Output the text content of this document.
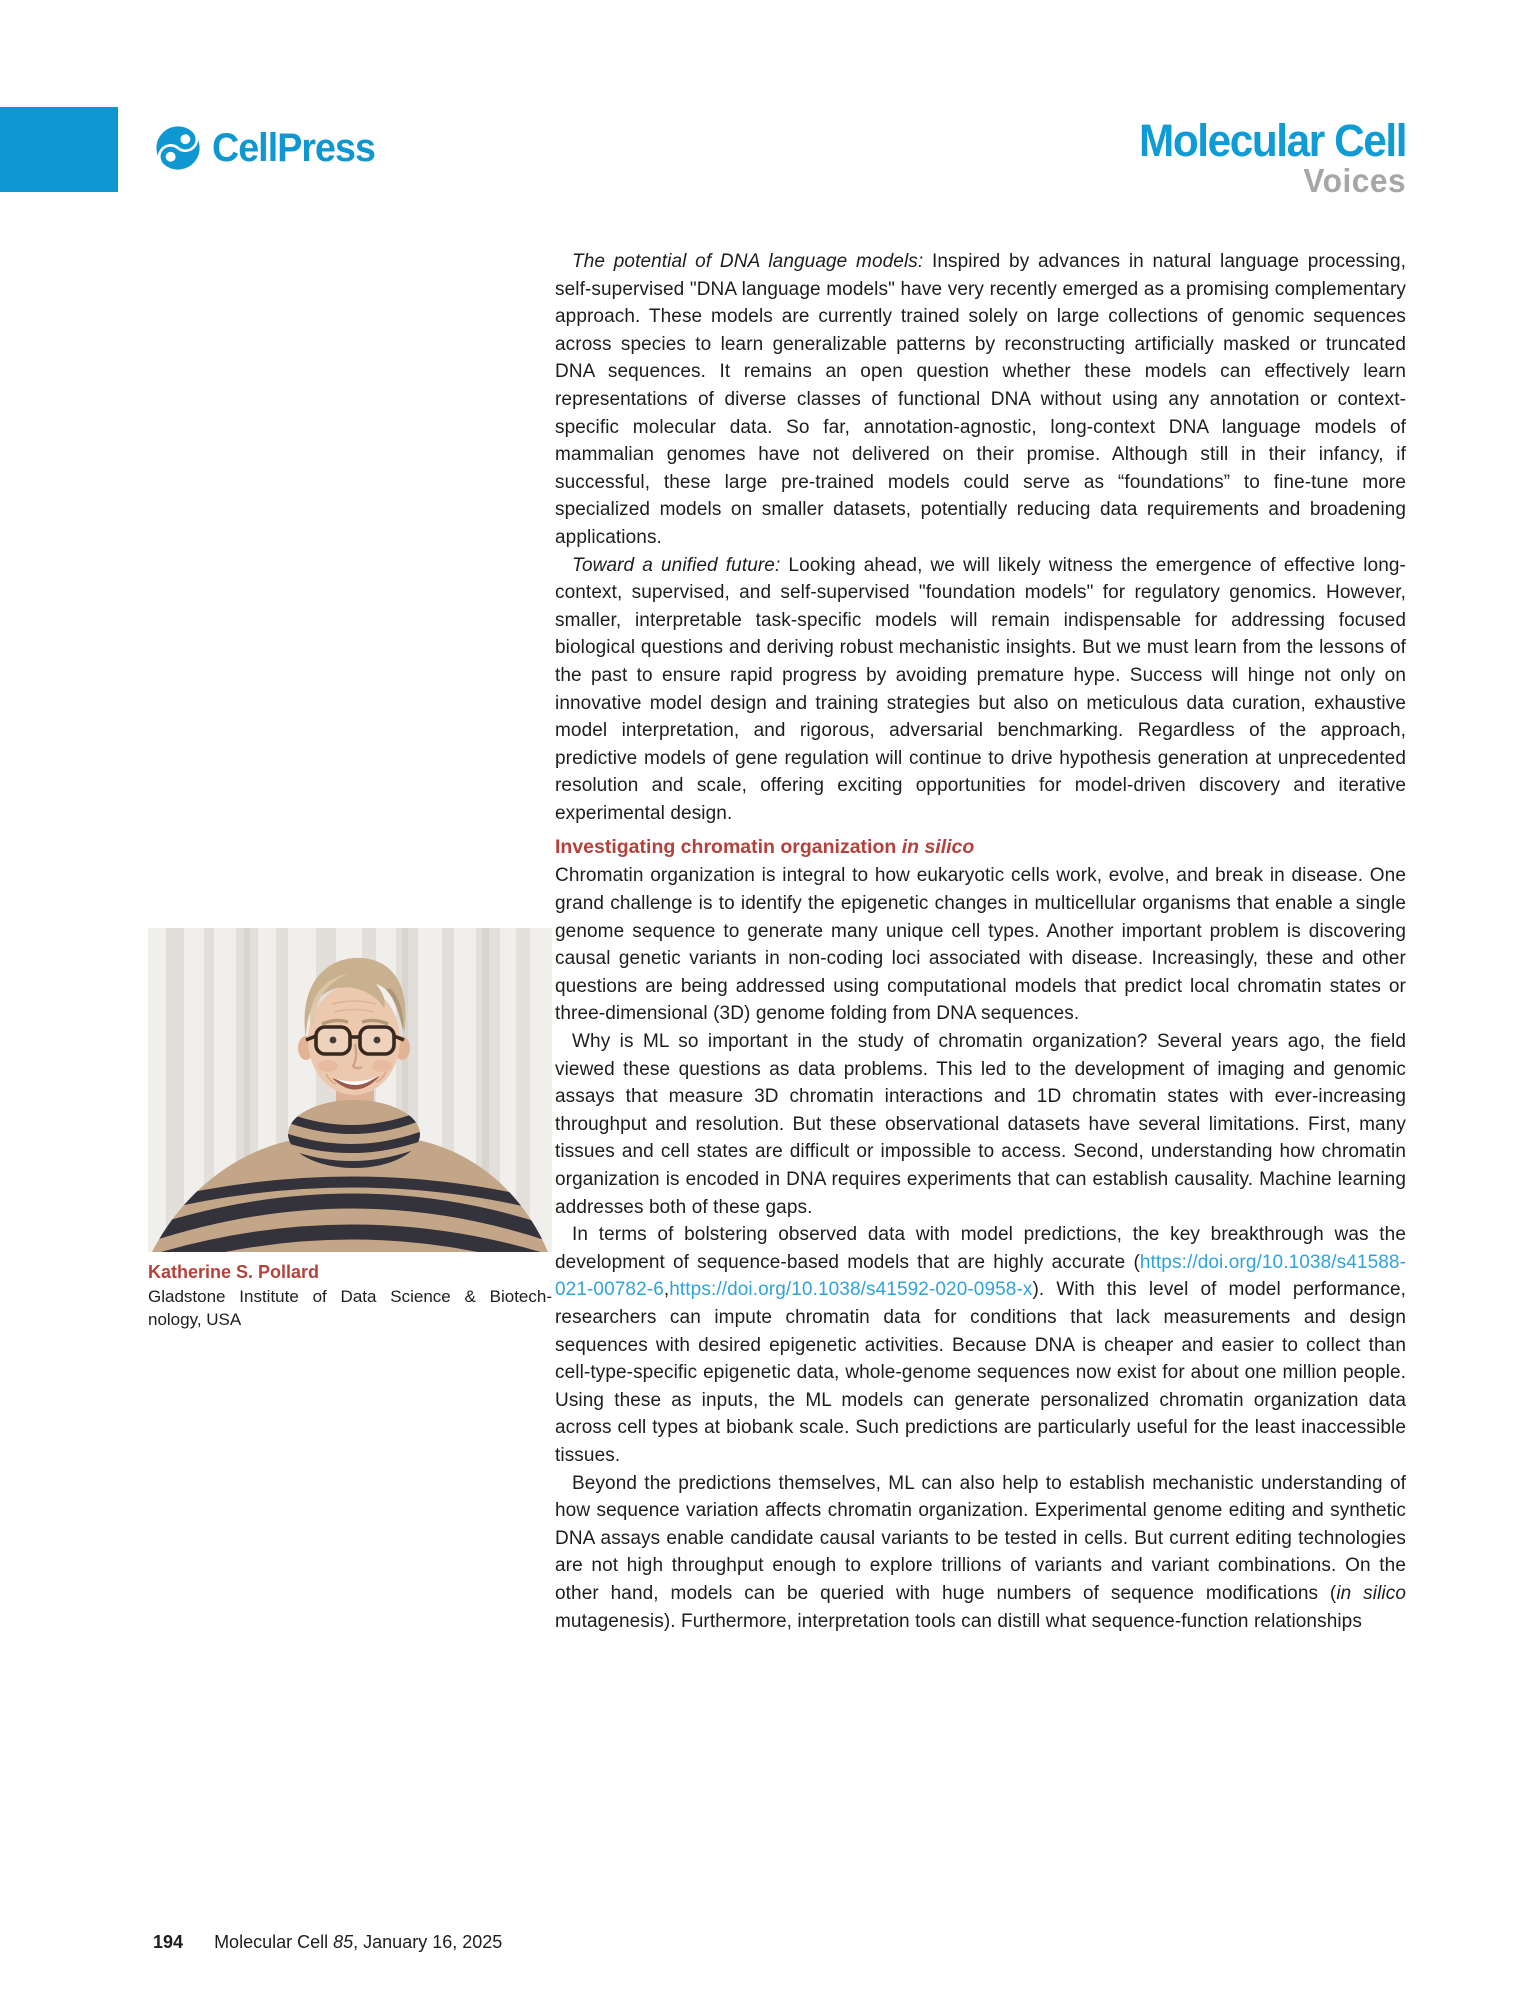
CellPress	Molecular Cell
Voices
Katherine S. Pollard
Gladstone Institute of Data Science & Biotech-
nology, USA

The potential of DNA language models: Inspired by advances in natural language processing, self-supervised "DNA language models" have very recently emerged as a promising complementary approach. These models are currently trained solely on large collections of genomic sequences across species to learn generalizable patterns by reconstructing artificially masked or truncated DNA sequences. It remains an open question whether these models can effectively learn representations of diverse classes of functional DNA without using any annotation or context-specific molecular data. So far, annotation-agnostic, long-context DNA language models of mammalian genomes have not delivered on their promise. Although still in their infancy, if successful, these large pre-trained models could serve as “foundations” to fine-tune more specialized models on smaller datasets, potentially reducing data requirements and broadening applications.

Toward a unified future: Looking ahead, we will likely witness the emergence of effective long-context, supervised, and self-supervised "foundation models" for regulatory genomics. However, smaller, interpretable task-specific models will remain indispensable for addressing focused biological questions and deriving robust mechanistic insights. But we must learn from the lessons of the past to ensure rapid progress by avoiding premature hype. Success will hinge not only on innovative model design and training strategies but also on meticulous data curation, exhaustive model interpretation, and rigorous, adversarial benchmarking. Regardless of the approach, predictive models of gene regulation will continue to drive hypothesis generation at unprecedented resolution and scale, offering exciting opportunities for model-driven discovery and iterative experimental design.

Investigating chromatin organization in silico

Chromatin organization is integral to how eukaryotic cells work, evolve, and break in disease. One grand challenge is to identify the epigenetic changes in multicellular organisms that enable a single genome sequence to generate many unique cell types. Another important problem is discovering causal genetic variants in non-coding loci associated with disease. Increasingly, these and other questions are being addressed using computational models that predict local chromatin states or three-dimensional (3D) genome folding from DNA sequences.

Why is ML so important in the study of chromatin organization? Several years ago, the field viewed these questions as data problems. This led to the development of imaging and genomic assays that measure 3D chromatin interactions and 1D chromatin states with ever-increasing throughput and resolution. But these observational datasets have several limitations. First, many tissues and cell states are difficult or impossible to access. Second, understanding how chromatin organization is encoded in DNA requires experiments that can establish causality. Machine learning addresses both of these gaps.

In terms of bolstering observed data with model predictions, the key breakthrough was the development of sequence-based models that are highly accurate (https://doi.org/10.1038/s41588-021-00782-6,https://doi.org/10.1038/s41592-020-0958-x). With this level of model performance, researchers can impute chromatin data for conditions that lack measurements and design sequences with desired epigenetic activities. Because DNA is cheaper and easier to collect than cell-type-specific epigenetic data, whole-genome sequences now exist for about one million people. Using these as inputs, the ML models can generate personalized chromatin organization data across cell types at biobank scale. Such predictions are particularly useful for the least inaccessible tissues.

Beyond the predictions themselves, ML can also help to establish mechanistic understanding of how sequence variation affects chromatin organization. Experimental genome editing and synthetic DNA assays enable candidate causal variants to be tested in cells. But current editing technologies are not high throughput enough to explore trillions of variants and variant combinations. On the other hand, models can be queried with huge numbers of sequence modifications (in silico mutagenesis). Furthermore, interpretation tools can distill what sequence-function relationships

194 Molecular Cell 85, January 16, 2025
